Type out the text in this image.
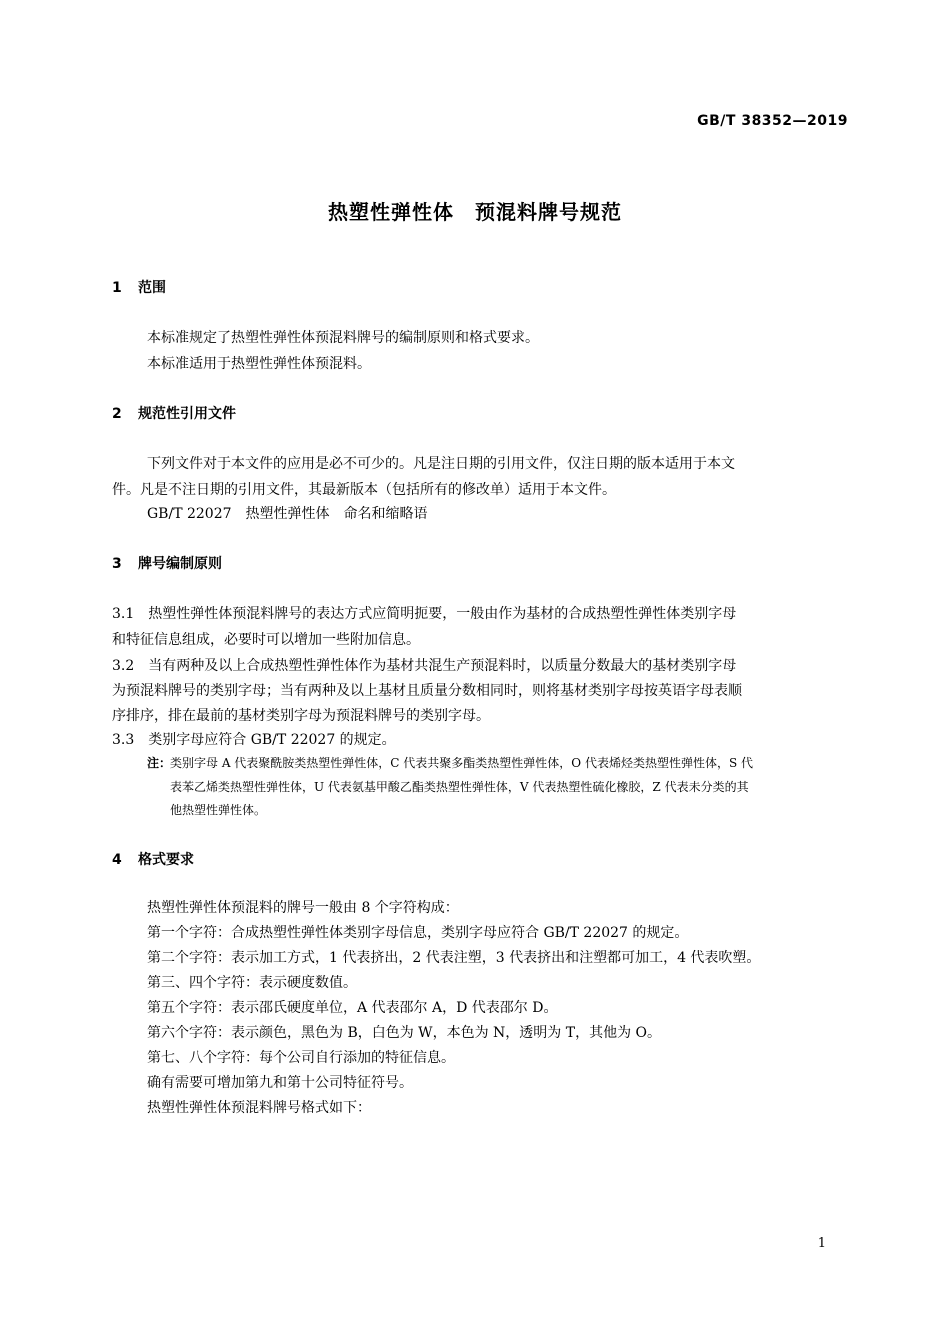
GB/T 38352—2019
热塑性弹性体　预混料牌号规范
1 范围
本标准规定了热塑性弹性体预混料牌号的编制原则和格式要求。
本标准适用于热塑性弹性体预混料。
2 规范性引用文件
下列文件对于本文件的应用是必不可少的。凡是注日期的引用文件，仅注日期的版本适用于本文
件。凡是不注日期的引用文件，其最新版本（包括所有的修改单）适用于本文件。
GB/T 22027　热塑性弹性体　命名和缩略语
3 牌号编制原则
3.1　热塑性弹性体预混料牌号的表达方式应简明扼要，一般由作为基材的合成热塑性弹性体类别字母
和特征信息组成，必要时可以增加一些附加信息。
3.2　当有两种及以上合成热塑性弹性体作为基材共混生产预混料时，以质量分数最大的基材类别字母
为预混料牌号的类别字母；当有两种及以上基材且质量分数相同时，则将基材类别字母按英语字母表顺
序排序，排在最前的基材类别字母为预混料牌号的类别字母。
3.3　类别字母应符合 GB/T 22027 的规定。
注：
类别字母 A 代表聚酰胺类热塑性弹性体，C 代表共聚多酯类热塑性弹性体，O 代表烯烃类热塑性弹性体，S 代
表苯乙烯类热塑性弹性体，U 代表氨基甲酸乙酯类热塑性弹性体，V 代表热塑性硫化橡胶，Z 代表未分类的其
他热塑性弹性体。
4 格式要求
热塑性弹性体预混料的牌号一般由 8 个字符构成：
第一个字符：合成热塑性弹性体类别字母信息，类别字母应符合 GB/T 22027 的规定。
第二个字符：表示加工方式，1 代表挤出，2 代表注塑，3 代表挤出和注塑都可加工，4 代表吹塑。
第三、四个字符：表示硬度数值。
第五个字符：表示邵氏硬度单位，A 代表邵尔 A，D 代表邵尔 D。
第六个字符：表示颜色，黑色为 B，白色为 W，本色为 N，透明为 T，其他为 O。
第七、八个字符：每个公司自行添加的特征信息。
确有需要可增加第九和第十公司特征符号。
热塑性弹性体预混料牌号格式如下：
1
